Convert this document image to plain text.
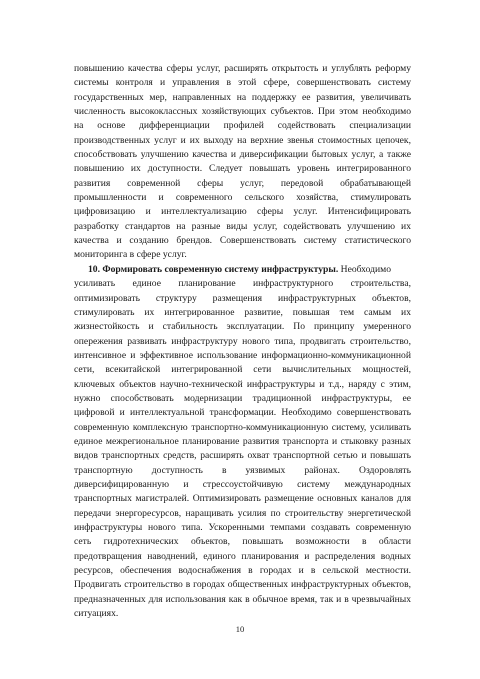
повышению качества сферы услуг, расширять открытость и углублять реформу
системы контроля и управления в этой сфере, совершенствовать систему
государственных мер, направленных на поддержку ее развития, увеличивать
численность высококлассных хозяйствующих субъектов. При этом необходимо
на основе дифференциации профилей содействовать специализации
производственных услуг и их выходу на верхние звенья стоимостных цепочек,
способствовать улучшению качества и диверсификации бытовых услуг, а также
повышению их доступности. Следует повышать уровень интегрированного
развития современной сферы услуг, передовой обрабатывающей
промышленности и современного сельского хозяйства, стимулировать
цифровизацию и интеллектуализацию сферы услуг. Интенсифицировать
разработку стандартов на разные виды услуг, содействовать улучшению их
качества и созданию брендов. Совершенствовать систему статистического
мониторинга в сфере услуг.
10. Формировать современную систему инфраструктуры. Необходимо
усиливать единое планирование инфраструктурного строительства,
оптимизировать структуру размещения инфраструктурных объектов,
стимулировать их интегрированное развитие, повышая тем самым их
жизнестойкость и стабильность эксплуатации. По принципу умеренного
опережения развивать инфраструктуру нового типа, продвигать строительство,
интенсивное и эффективное использование информационно-коммуникационной
сети, всекитайской интегрированной сети вычислительных мощностей,
ключевых объектов научно-технической инфраструктуры и т.д., наряду с этим,
нужно способствовать модернизации традиционной инфраструктуры, ее
цифровой и интеллектуальной трансформации. Необходимо совершенствовать
современную комплексную транспортно-коммуникационную систему, усиливать
единое межрегиональное планирование развития транспорта и стыковку разных
видов транспортных средств, расширять охват транспортной сетью и повышать
транспортную доступность в уязвимых районах. Оздоровлять
диверсифицированную и стрессоустойчивую систему международных
транспортных магистралей. Оптимизировать размещение основных каналов для
передачи энергоресурсов, наращивать усилия по строительству энергетической
инфраструктуры нового типа. Ускоренными темпами создавать современную
сеть гидротехнических объектов, повышать возможности в области
предотвращения наводнений, единого планирования и распределения водных
ресурсов, обеспечения водоснабжения в городах и в сельской местности.
Продвигать строительство в городах общественных инфраструктурных объектов,
предназначенных для использования как в обычное время, так и в чрезвычайных
ситуациях.
10
